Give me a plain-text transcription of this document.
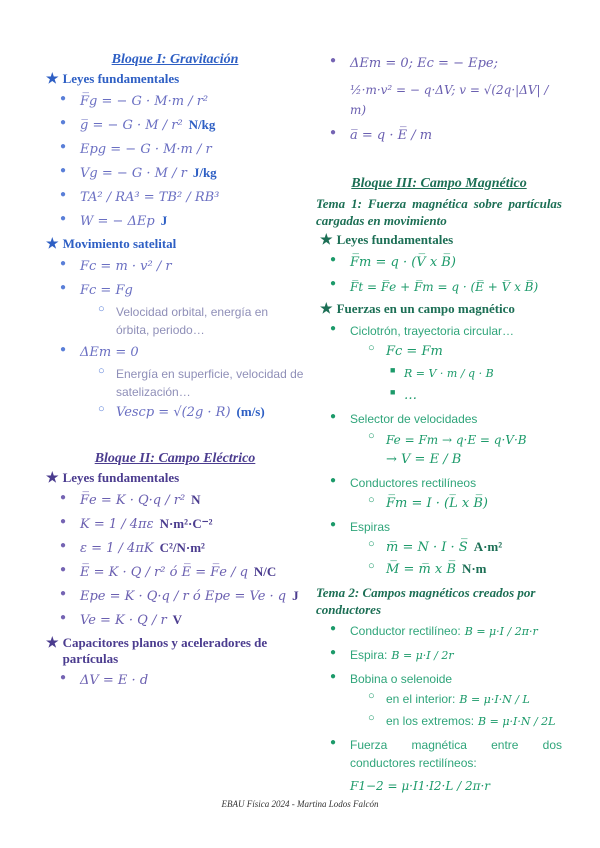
Bloque I: Gravitación
★ Leyes fundamentales
● F̅g = − G · M·m / r²
● g̅ = − G · M / r² N/kg
● Epg = − G · M·m / r
● Vg = − G · M / r J/kg
● TA² / RA³ = TB² / RB³
● W = − ΔEp J
★ Movimiento satelital
● Fc = m · v² / r
● Fc = Fg
○ Velocidad orbital, energía en órbita, periodo…
● ΔEm = 0
○ Energía en superficie, velocidad de satelización…
○ Vescp = √(2g · R) (m/s)
Bloque II: Campo Eléctrico
★ Leyes fundamentales
● F̅e = K · Q·q / r² N
● K = 1 / 4πε N·m²·C⁻²
● ε = 1 / 4πK C²/N·m²
● E̅ = K · Q / r² ó E̅ = F̅e / q N/C
● Epe = K · Q·q / r ó Epe = Ve · q J
● Ve = K · Q / r V
★ Capacitores planos y aceleradores de partículas
● ΔV = E · d
● ΔEm = 0; Ec = − Epe;
½·m·v² = − q·ΔV; v = √(2q·|ΔV| / m)
● a̅ = q · E̅ / m
Bloque III: Campo Magnético
Tema 1: Fuerza magnética sobre partículas cargadas en movimiento
★ Leyes fundamentales
● F̅m = q · (V̅ x B̅)
● F̅t = F̅e + F̅m = q · (E̅ + V̅ x B̅)
★ Fuerzas en un campo magnético
● Ciclotrón, trayectoria circular…
○ Fc = Fm
■ R = V · m / q · B
■ …
● Selector de velocidades
○ Fe = Fm → q·E = q·V·B
→ V = E / B
● Conductores rectilíneos
○ F̅m = I · (L̅ x B̅)
● Espiras
○ m̅ = N · I · S̅ A·m²
○ M̅ = m̅ x B̅ N·m
Tema 2: Campos magnéticos creados por conductores
● Conductor rectilíneo: B = μ·I / 2π·r
● Espira: B = μ·I / 2r
● Bobina o selenoide
○ en el interior: B = μ·I·N / L
○ en los extremos: B = μ·I·N / 2L
● Fuerza magnética entre dos conductores rectilíneos:
F1−2 = μ·I1·I2·L / 2π·r
EBAU Física 2024 - Martina Lodos Falcón
